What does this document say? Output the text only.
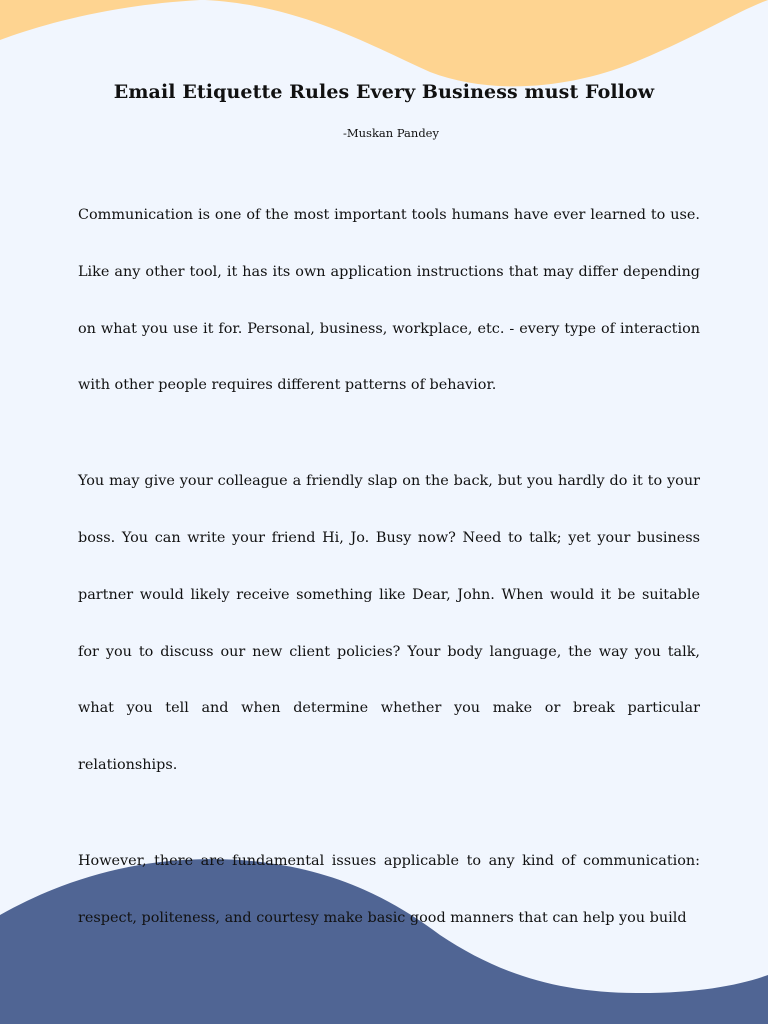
Email Etiquette Rules Every Business must Follow

-Muskan Pandey

Communication is one of the most important tools humans have ever learned to use. Like any other tool, it has its own application instructions that may differ depending on what you use it for. Personal, business, workplace, etc. - every type of interaction with other people requires different patterns of behavior.

You may give your colleague a friendly slap on the back, but you hardly do it to your boss. You can write your friend Hi, Jo. Busy now? Need to talk; yet your business partner would likely receive something like Dear, John. When would it be suitable for you to discuss our new client policies? Your body language, the way you talk, what you tell and when determine whether you make or break particular relationships.

However, there are fundamental issues applicable to any kind of communication: respect, politeness, and courtesy make basic good manners that can help you build
